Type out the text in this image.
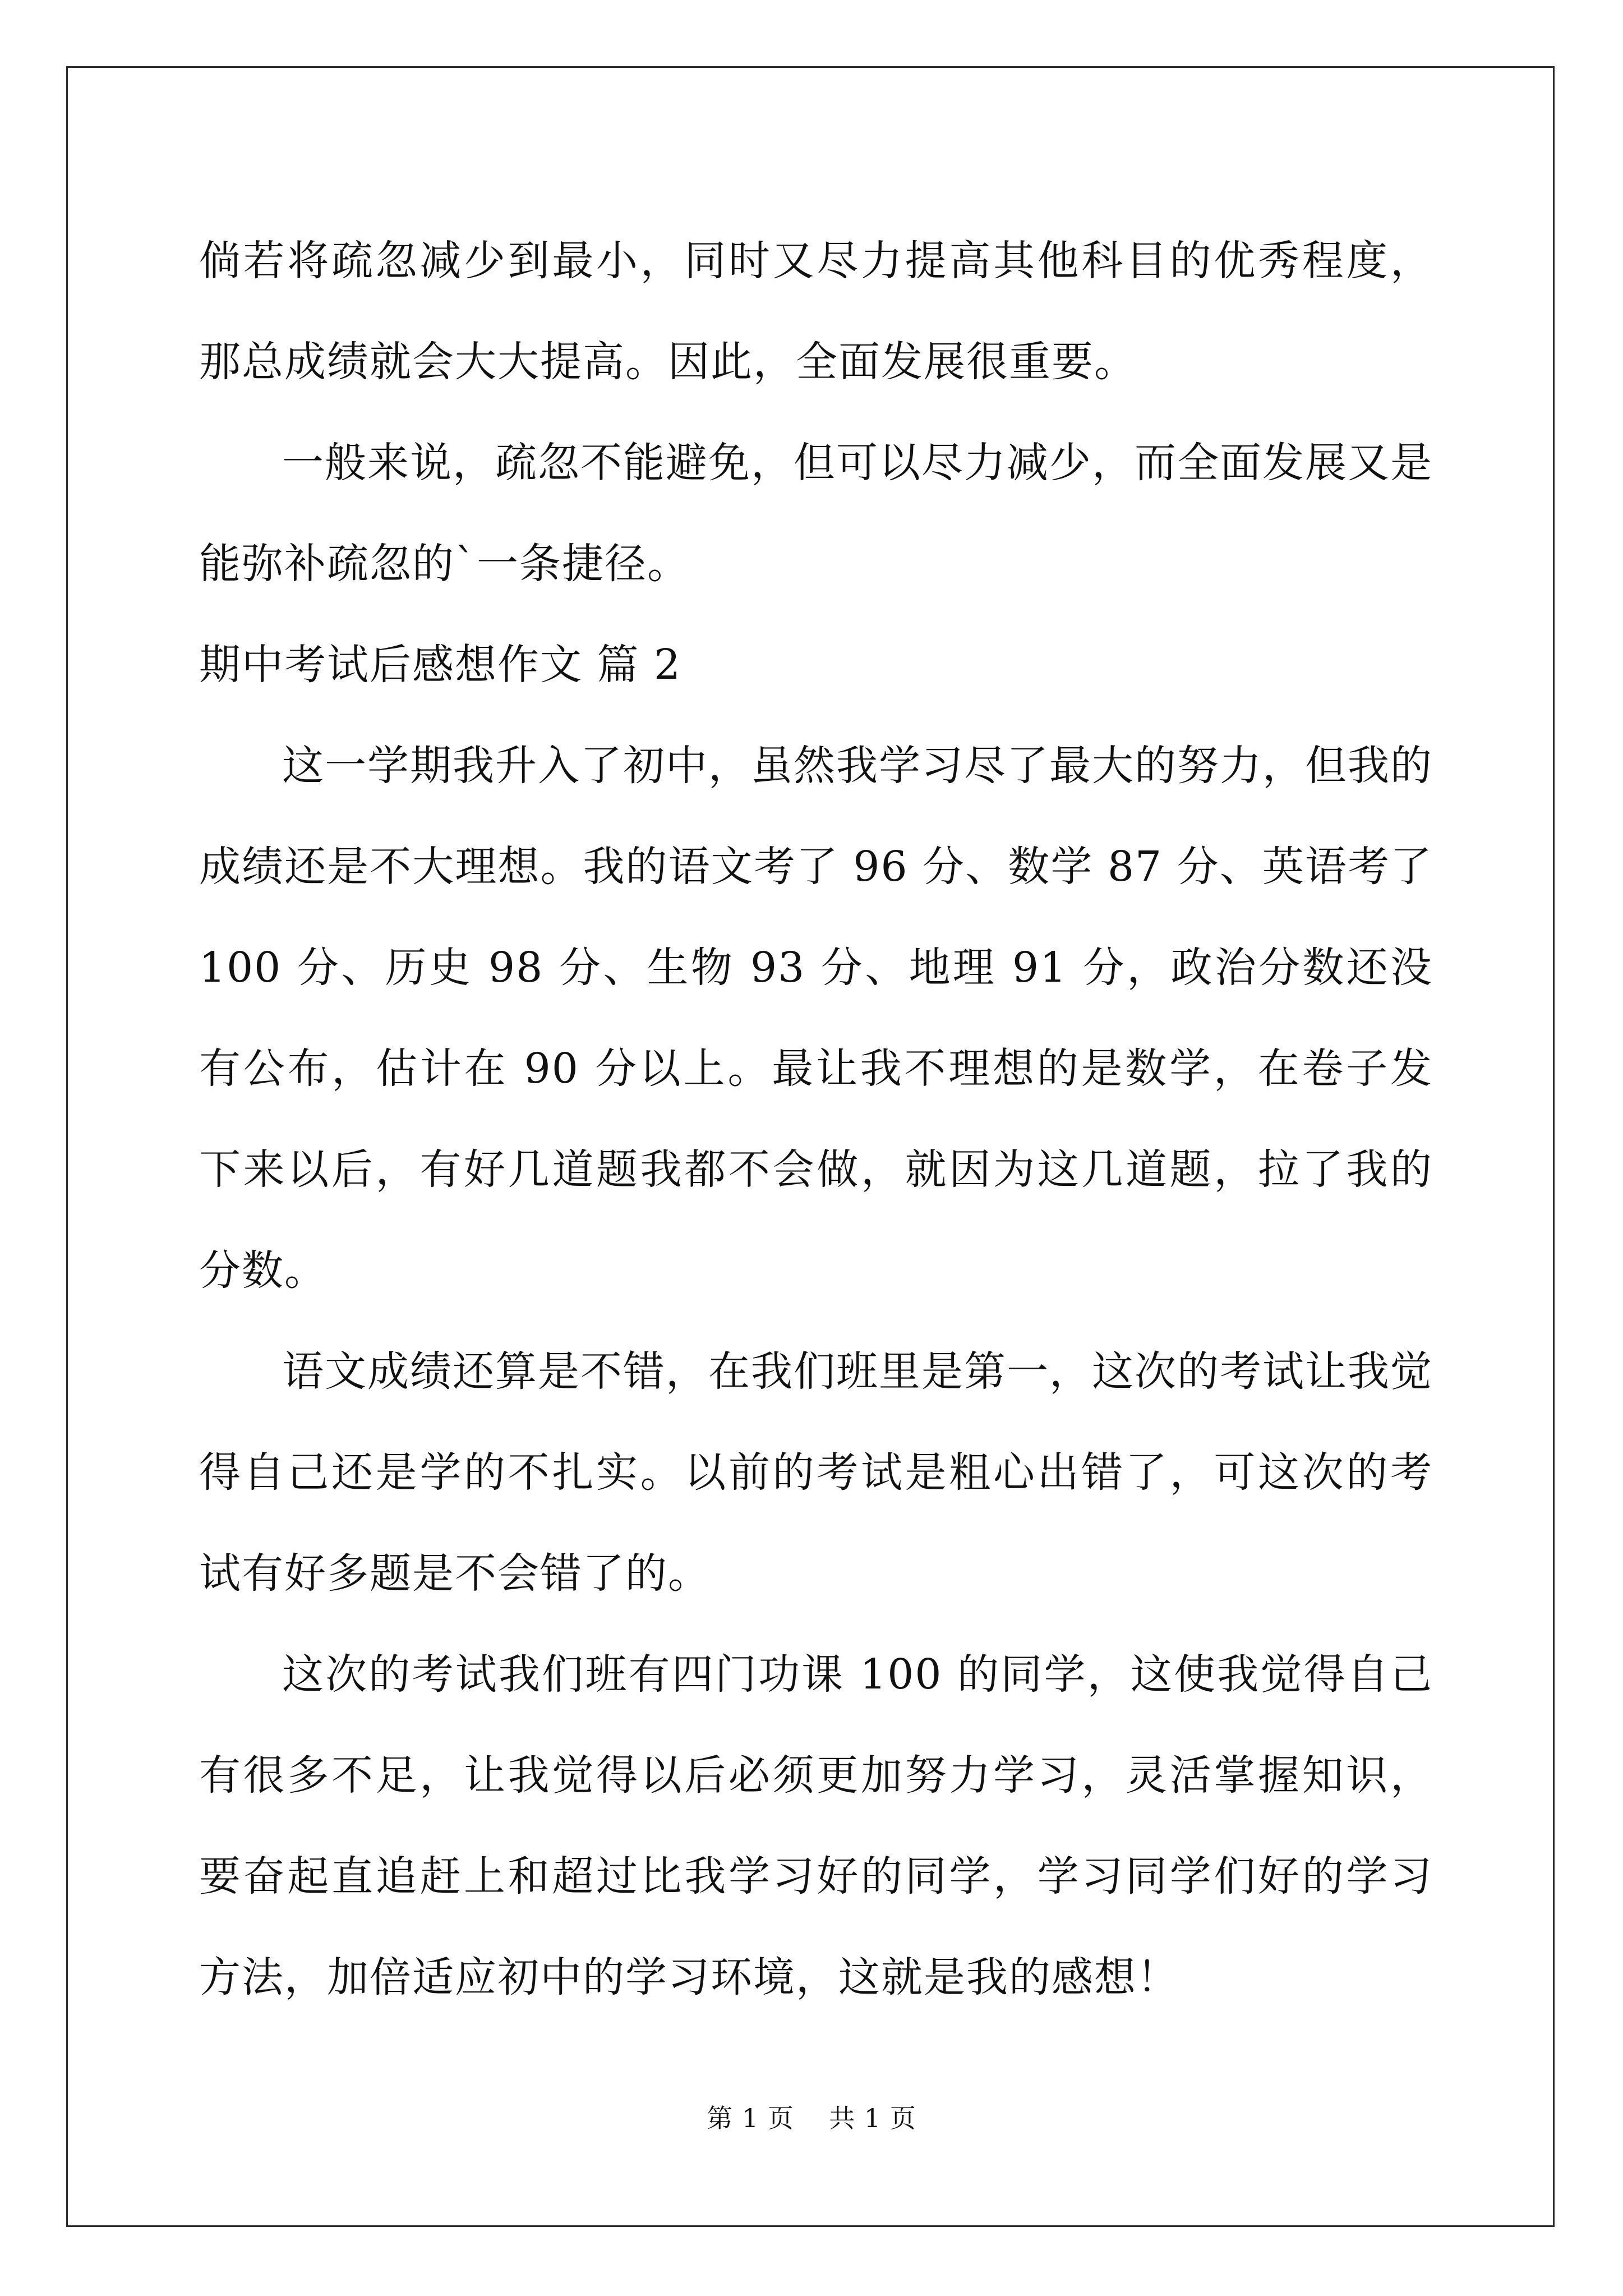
倘若将疏忽减少到最小，同时又尽力提高其他科目的优秀程度，那总成绩就会大大提高。因此，全面发展很重要。

一般来说，疏忽不能避免，但可以尽力减少，而全面发展又是能弥补疏忽的`一条捷径。

期中考试后感想作文 篇 2

这一学期我升入了初中，虽然我学习尽了最大的努力，但我的成绩还是不大理想。我的语文考了 96 分、数学 87 分、英语考了 100 分、历史 98 分、生物 93 分、地理 91 分，政治分数还没有公布，估计在 90 分以上。最让我不理想的是数学，在卷子发下来以后，有好几道题我都不会做，就因为这几道题，拉了我的分数。

语文成绩还算是不错，在我们班里是第一，这次的考试让我觉得自己还是学的不扎实。以前的考试是粗心出错了，可这次的考试有好多题是不会错了的。

这次的考试我们班有四门功课 100 的同学，这使我觉得自己有很多不足，让我觉得以后必须更加努力学习，灵活掌握知识，要奋起直追赶上和超过比我学习好的同学，学习同学们好的学习方法，加倍适应初中的学习环境，这就是我的感想！

第 1 页    共 1 页
